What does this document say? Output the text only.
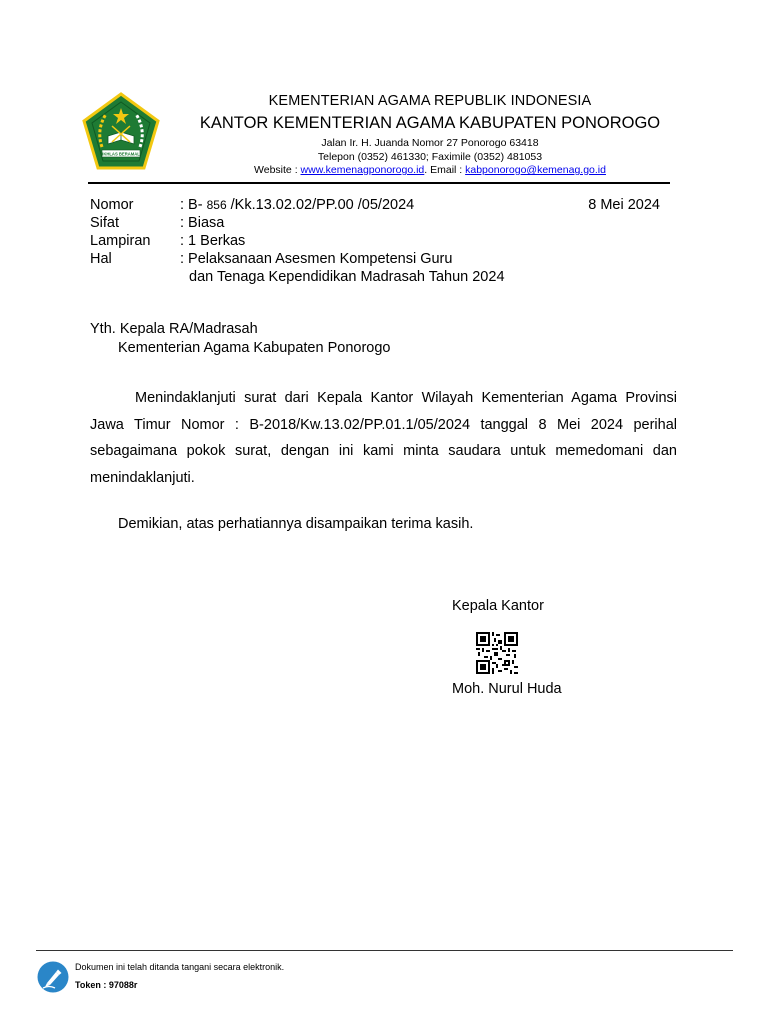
IKHLAS BERAMAL
KEMENTERIAN AGAMA REPUBLIK INDONESIA
KANTOR KEMENTERIAN AGAMA KABUPATEN PONOROGO
Jalan Ir. H. Juanda Nomor 27 Ponorogo 63418
Telepon (0352) 461330; Faximile (0352) 481053
Website : www.kemenagponorogo.id. Email : kabponorogo@kemenag.go.id
Nomor	: B- 856 /Kk.13.02.02/PP.00 /05/2024
Sifat	: Biasa
Lampiran : 1 Berkas
Hal	: Pelaksanaan Asesmen Kompetensi Guru
dan Tenaga Kependidikan Madrasah Tahun 2024
8 Mei 2024
Yth. Kepala RA/Madrasah
Kementerian Agama Kabupaten Ponorogo

Menindaklanjuti surat dari Kepala Kantor Wilayah Kementerian Agama Provinsi Jawa Timur Nomor : B-2018/Kw.13.02/PP.01.1/05/2024 tanggal 8 Mei 2024 perihal sebagaimana pokok surat, dengan ini kami minta saudara untuk memedomani dan menindaklanjuti.

Demikian, atas perhatiannya disampaikan terima kasih.
Kepala Kantor
Moh. Nurul Huda
Dokumen ini telah ditanda tangani secara elektronik.
Token : 97088r
